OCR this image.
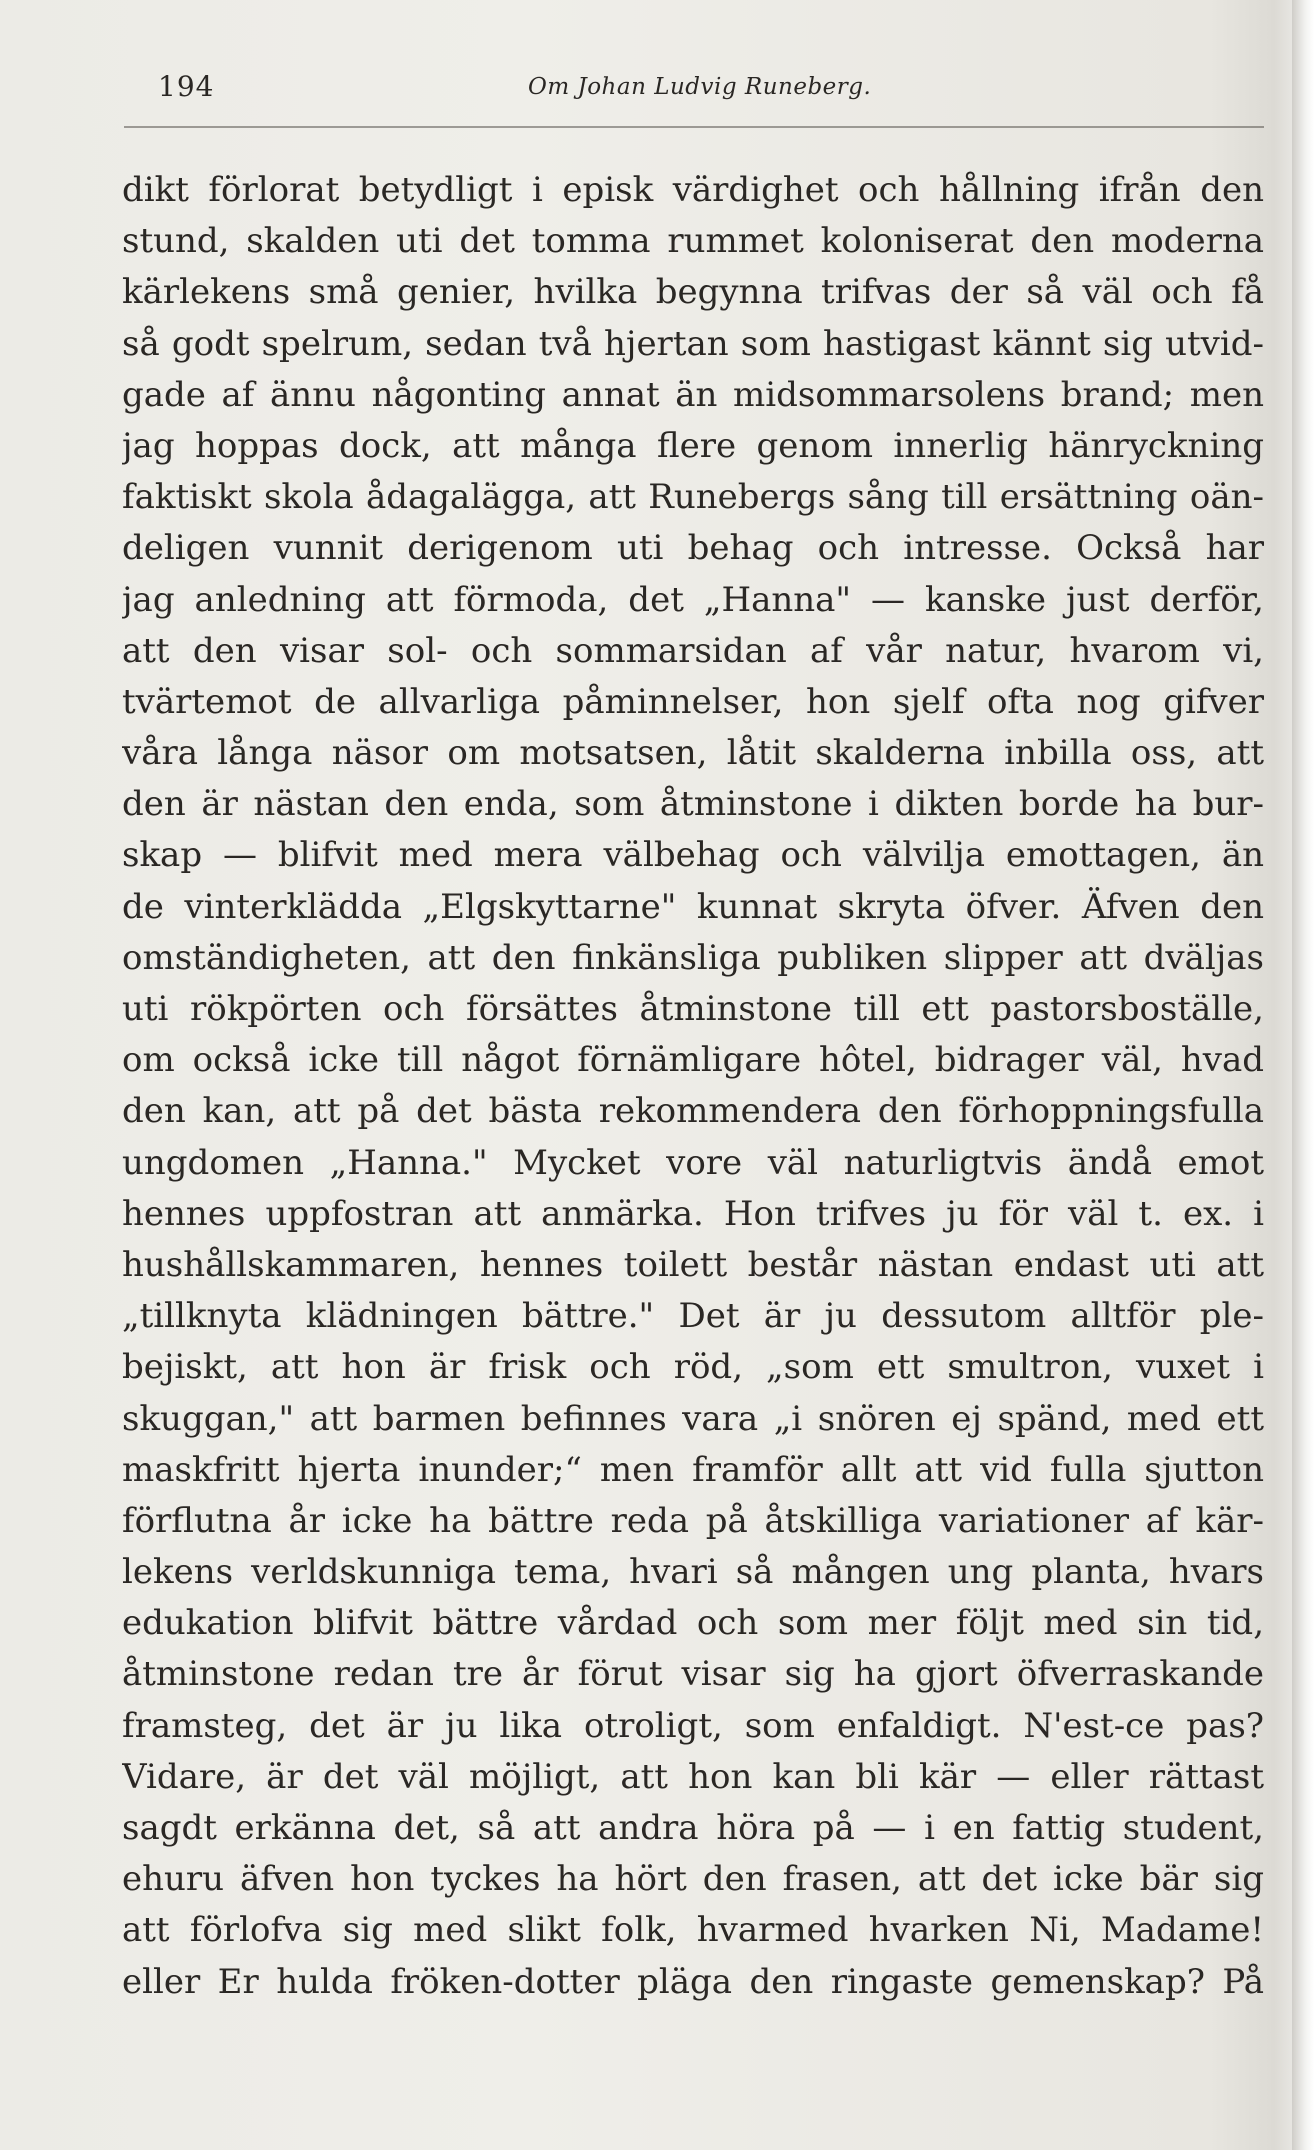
194	Om Johan Ludvig Runeberg.
dikt förlorat betydligt i episk värdighet och hållning ifrån den
stund, skalden uti det tomma rummet koloniserat den moderna
kärlekens små genier, hvilka begynna trifvas der så väl och få
så godt spelrum, sedan två hjertan som hastigast kännt sig utvid-
gade af ännu någonting annat än midsommarsolens brand; men
jag hoppas dock, att många flere genom innerlig hänryckning
faktiskt skola ådagalägga, att Runebergs sång till ersättning oän-
deligen vunnit derigenom uti behag och intresse. Också har
jag anledning att förmoda, det „Hanna" — kanske just derför,
att den visar sol- och sommarsidan af vår natur, hvarom vi,
tvärtemot de allvarliga påminnelser, hon sjelf ofta nog gifver
våra långa näsor om motsatsen, låtit skalderna inbilla oss, att
den är nästan den enda, som åtminstone i dikten borde ha bur-
skap — blifvit med mera välbehag och välvilja emottagen, än
de vinterklädda „Elgskyttarne" kunnat skryta öfver. Äfven den
omständigheten, att den finkänsliga publiken slipper att dväljas
uti rökpörten och försättes åtminstone till ett pastorsboställe,
om också icke till något förnämligare hôtel, bidrager väl, hvad
den kan, att på det bästa rekommendera den förhoppningsfulla
ungdomen „Hanna." Mycket vore väl naturligtvis ändå emot
hennes uppfostran att anmärka. Hon trifves ju för väl t. ex. i
hushållskammaren, hennes toilett består nästan endast uti att
„tillknyta klädningen bättre." Det är ju dessutom alltför ple-
bejiskt, att hon är frisk och röd, „som ett smultron, vuxet i
skuggan," att barmen befinnes vara „i snören ej spänd, med ett
maskfritt hjerta inunder;“ men framför allt att vid fulla sjutton
förflutna år icke ha bättre reda på åtskilliga variationer af kär-
lekens verldskunniga tema, hvari så mången ung planta, hvars
edukation blifvit bättre vårdad och som mer följt med sin tid,
åtminstone redan tre år förut visar sig ha gjort öfverraskande
framsteg, det är ju lika otroligt, som enfaldigt. N'est-ce pas?
Vidare, är det väl möjligt, att hon kan bli kär — eller rättast
sagdt erkänna det, så att andra höra på — i en fattig student,
ehuru äfven hon tyckes ha hört den frasen, att det icke bär sig
att förlofva sig med slikt folk, hvarmed hvarken Ni, Madame!
eller Er hulda fröken-dotter pläga den ringaste gemenskap? På
